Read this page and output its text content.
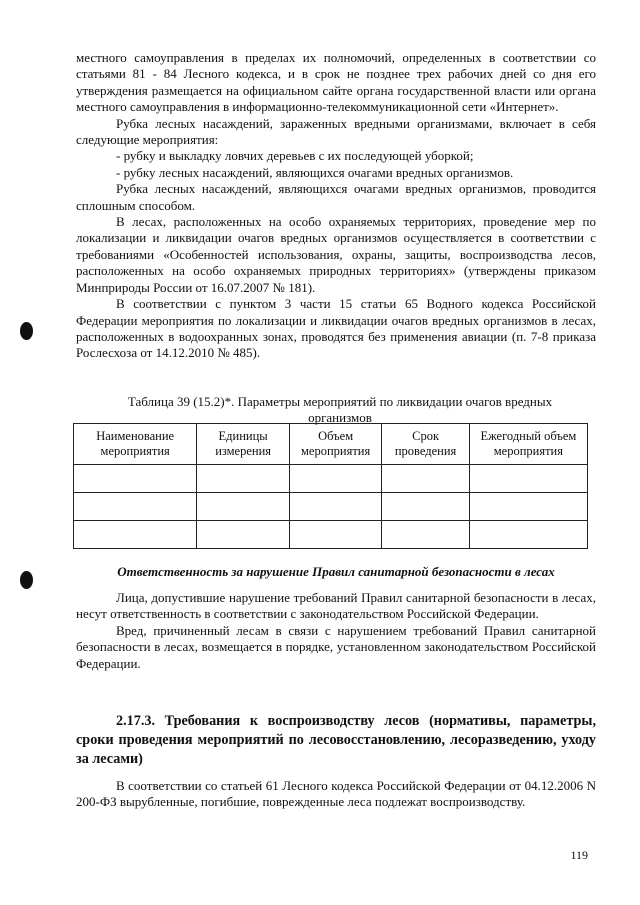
местного самоуправления в пределах их полномочий, определенных в соответствии со статьями 81 - 84 Лесного кодекса, и в срок не позднее трех рабочих дней со дня его утверждения размещается на официальном сайте органа государственной власти или органа местного самоуправления в информационно-телекоммуникационной сети «Интернет».

Рубка лесных насаждений, зараженных вредными организмами, включает в себя следующие мероприятия:

- рубку и выкладку ловчих деревьев с их последующей уборкой;

- рубку лесных насаждений, являющихся очагами вредных организмов.

Рубка лесных насаждений, являющихся очагами вредных организмов, проводится сплошным способом.

В лесах, расположенных на особо охраняемых территориях, проведение мер по локализации и ликвидации очагов вредных организмов осуществляется в соответствии с требованиями «Особенностей использования, охраны, защиты, воспроизводства лесов, расположенных на особо охраняемых природных территориях» (утверждены приказом Минприроды России от 16.07.2007 № 181).

В соответствии с пунктом 3 части 15 статьи 65 Водного кодекса Российской Федерации мероприятия по локализации и ликвидации очагов вредных организмов в лесах, расположенных в водоохранных зонах, проводятся без применения авиации (п. 7-8 приказа Рослесхоза от 14.12.2010 № 485).

Таблица 39 (15.2)*. Параметры мероприятий по ликвидации очагов вредных организмов
Наименование мероприятия	Единицы измерения	Объем мероприятия	Срок проведения	Ежегодный объем мероприятия

Ответственность за нарушение Правил санитарной безопасности в лесах

Лица, допустившие нарушение требований Правил санитарной безопасности в лесах, несут ответственность в соответствии с законодательством Российской Федерации.

Вред, причиненный лесам в связи с нарушением требований Правил санитарной безопасности в лесах, возмещается в порядке, установленном законодательством Российской Федерации.

2.17.3. Требования к воспроизводству лесов (нормативы, параметры, сроки проведения мероприятий по лесовосстановлению, лесоразведению, уходу за лесами)

В соответствии со статьей 61 Лесного кодекса Российской Федерации от 04.12.2006 N 200-ФЗ вырубленные, погибшие, поврежденные леса подлежат воспроизводству.

119
